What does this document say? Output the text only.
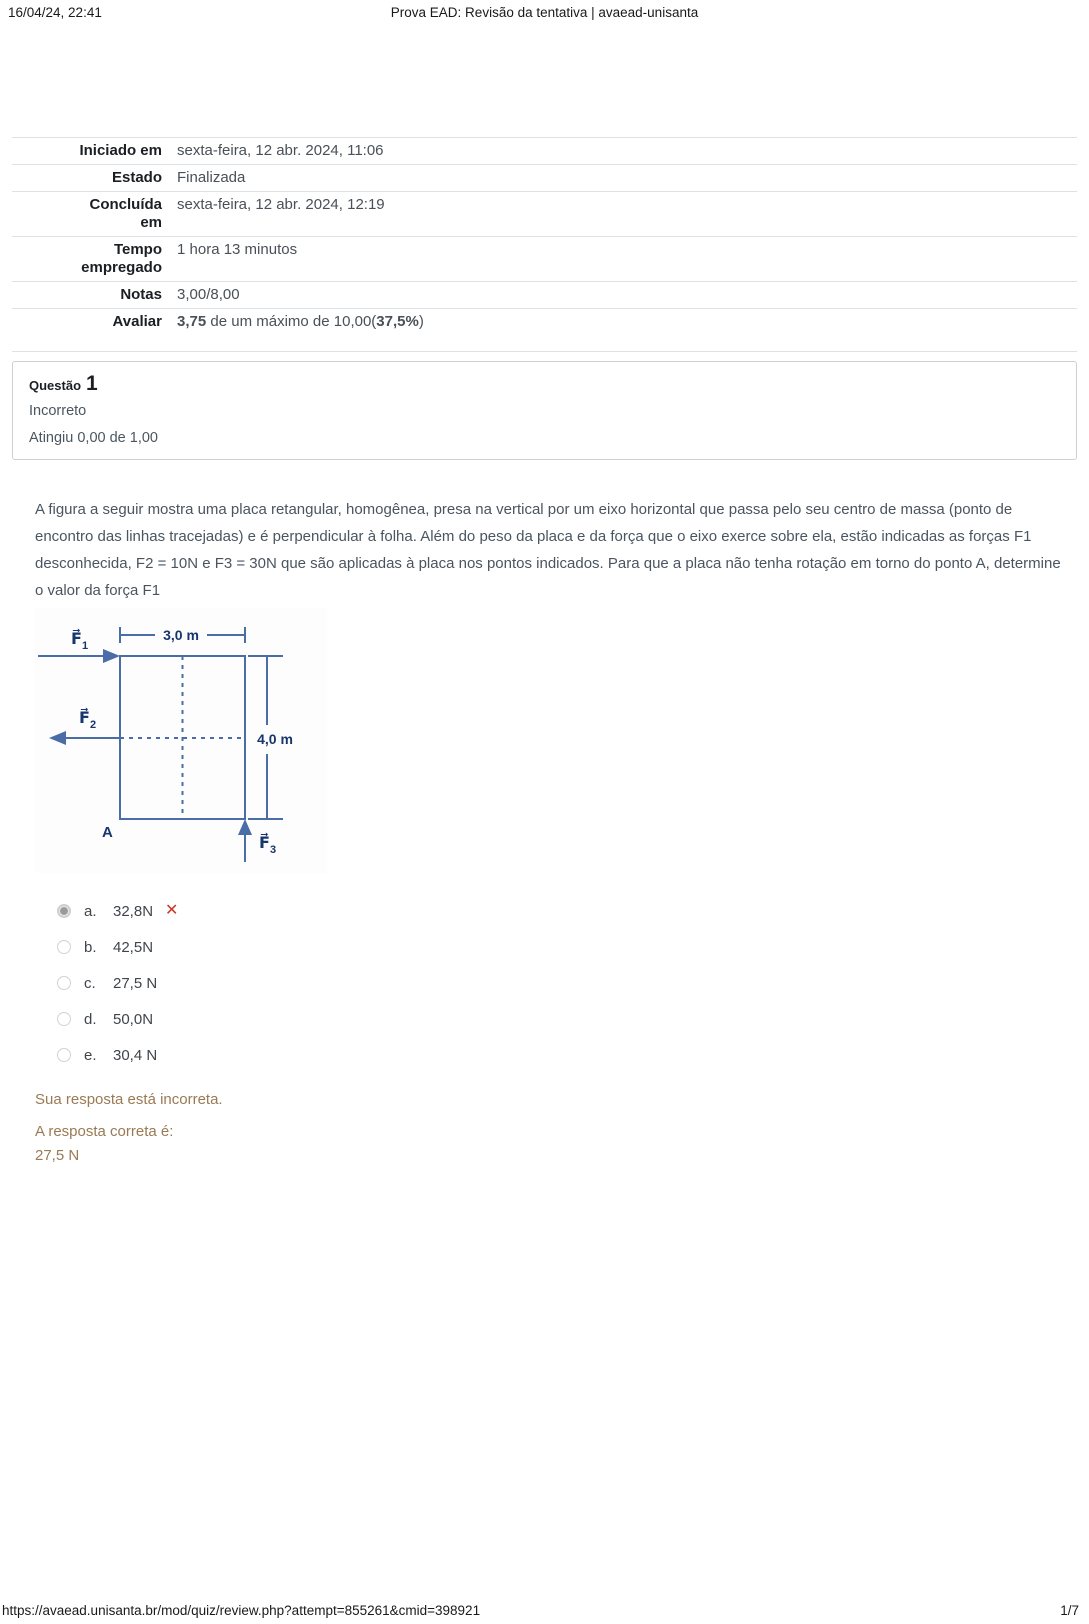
16/04/24, 22:41	Prova EAD: Revisão da tentativa | avaead-unisanta
Iniciado em	sexta-feira, 12 abr. 2024, 11:06
Estado	Finalizada
Concluída em	sexta-feira, 12 abr. 2024, 12:19
Tempo empregado	1 hora 13 minutos
Notas	3,00/8,00
Avaliar	3,75 de um máximo de 10,00(37,5%)
Questão 1
Incorreto
Atingiu 0,00 de 1,00

A figura a seguir mostra uma placa retangular, homogênea, presa na vertical por um eixo horizontal que passa pelo seu centro de massa (ponto de encontro das linhas tracejadas) e é perpendicular à folha. Além do peso da placa e da força que o eixo exerce sobre ela, estão indicadas as forças F1 desconhecida, F2 = 10N e F3 = 30N que são aplicadas à placa nos pontos indicados. Para que a placa não tenha rotação em torno do ponto A, determine o valor da força F1

3,0 m
4,0 m
$F⃗_1$
$F⃗_2$
$F⃗_3$
A
a.	32,8N ✕
b.	42,5N
c.	27,5 N
d.	50,0N
e.	30,4 N
Sua resposta está incorreta.
A resposta correta é:
27,5 N
https://avaead.unisanta.br/mod/quiz/review.php?attempt=855261&cmid=398921	1/7
